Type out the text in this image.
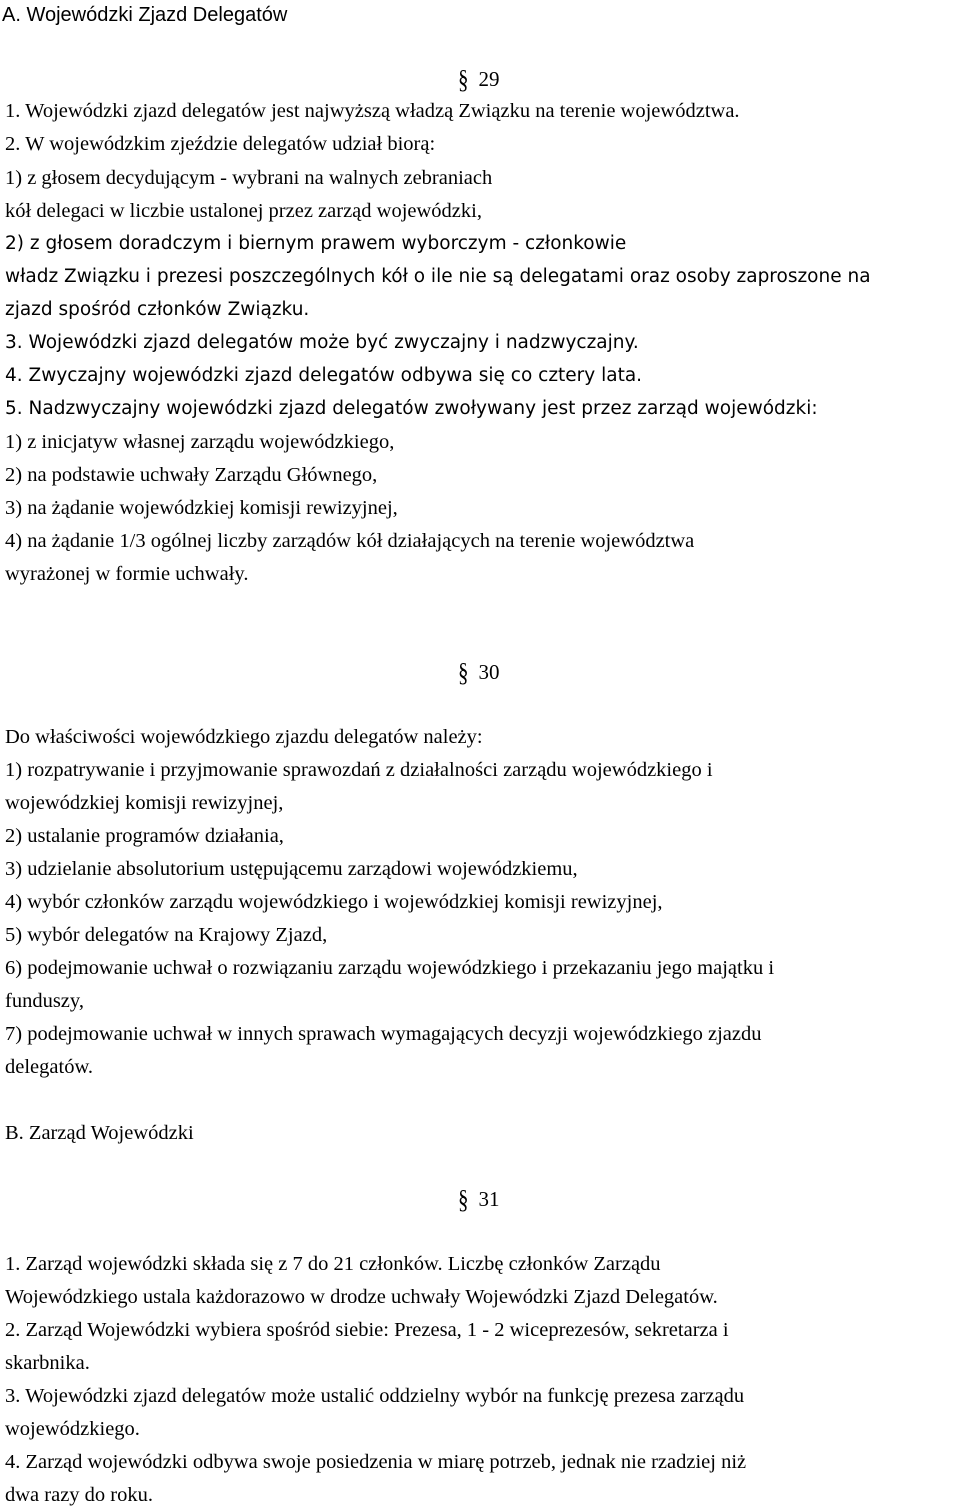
A. Wojewódzki Zjazd Delegatów
§ 29
1. Wojewódzki zjazd delegatów jest najwyższą władzą Związku na terenie województwa.
2. W wojewódzkim zjeździe delegatów udział biorą:
1) z głosem decydującym - wybrani na walnych zebraniach
kół delegaci w liczbie ustalonej przez zarząd wojewódzki,
2) z głosem doradczym i biernym prawem wyborczym - członkowie
władz Związku i prezesi poszczególnych kół o ile nie są delegatami oraz osoby zaproszone na
zjazd spośród członków Związku.
3. Wojewódzki zjazd delegatów może być zwyczajny i nadzwyczajny.
4. Zwyczajny wojewódzki zjazd delegatów odbywa się co cztery lata.
5. Nadzwyczajny wojewódzki zjazd delegatów zwoływany jest przez zarząd wojewódzki:
1) z inicjatyw własnej zarządu wojewódzkiego,
2) na podstawie uchwały Zarządu Głównego,
3) na żądanie wojewódzkiej komisji rewizyjnej,
4) na żądanie 1/3 ogólnej liczby zarządów kół działających na terenie województwa
wyrażonej w formie uchwały.
§ 30
Do właściwości wojewódzkiego zjazdu delegatów należy:
1) rozpatrywanie i przyjmowanie sprawozdań z działalności zarządu wojewódzkiego i
wojewódzkiej komisji rewizyjnej,
2) ustalanie programów działania,
3) udzielanie absolutorium ustępującemu zarządowi wojewódzkiemu,
4) wybór członków zarządu wojewódzkiego i wojewódzkiej komisji rewizyjnej,
5) wybór delegatów na Krajowy Zjazd,
6) podejmowanie uchwał o rozwiązaniu zarządu wojewódzkiego i przekazaniu jego majątku i
funduszy,
7) podejmowanie uchwał w innych sprawach wymagających decyzji wojewódzkiego zjazdu
delegatów.
B. Zarząd Wojewódzki
§ 31
1. Zarząd wojewódzki składa się z 7 do 21 członków. Liczbę członków Zarządu
Wojewódzkiego ustala każdorazowo w drodze uchwały Wojewódzki Zjazd Delegatów.
2. Zarząd Wojewódzki wybiera spośród siebie: Prezesa, 1 - 2 wiceprezesów, sekretarza i
skarbnika.
3. Wojewódzki zjazd delegatów może ustalić oddzielny wybór na funkcję prezesa zarządu
wojewódzkiego.
4. Zarząd wojewódzki odbywa swoje posiedzenia w miarę potrzeb, jednak nie rzadziej niż
dwa razy do roku.
